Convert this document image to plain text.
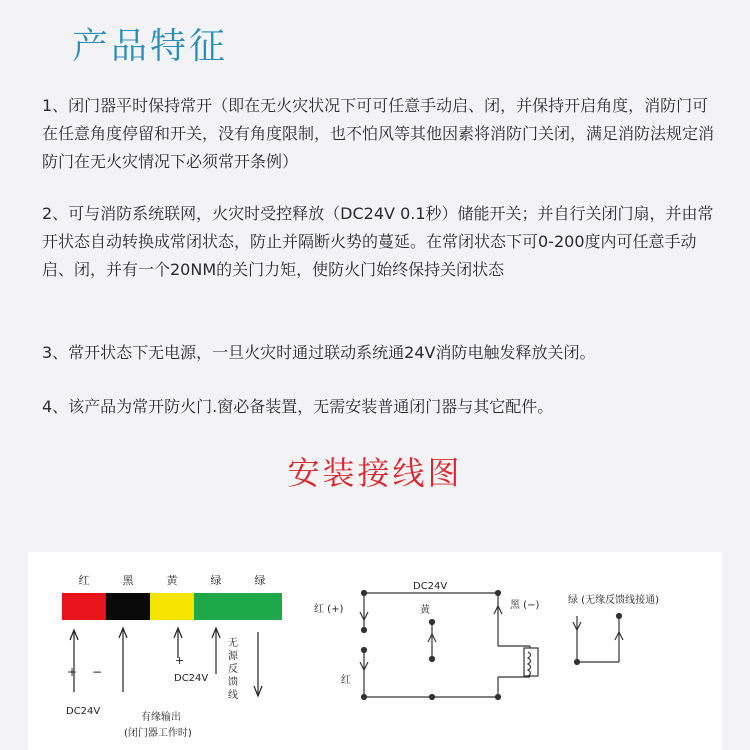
产品特征
1、闭门器平时保持常开（即在无火灾状况下可可任意手动启、闭，并保持开启角度，消防门可在任意角度停留和开关，没有角度限制，也不怕风等其他因素将消防门关闭，满足消防法规定消防门在无火灾情况下必须常开条例）
2、可与消防系统联网，火灾时受控释放（DC24V 0.1秒）储能开关；并自行关闭门扇，并由常开状态自动转换成常闭状态，防止并隔断火势的蔓延。在常闭状态下可0-200度内可任意手动启、闭，并有一个20NM的关门力矩，使防火门始终保持关闭状态
3、常开状态下无电源，一旦火灾时通过联动系统通24V消防电触发释放关闭。
4、该产品为常开防火门.窗必备装置，无需安装普通闭门器与其它配件。
安装接线图
红	黑	黄	绿	绿
+ −
DC24V
+
DC24V
无
源
反
馈
线
有缘输出
(闭门器工作时)
DC24V
红 (+)	黄	黑 (−)
红
绿 (无缘反馈线接通)
